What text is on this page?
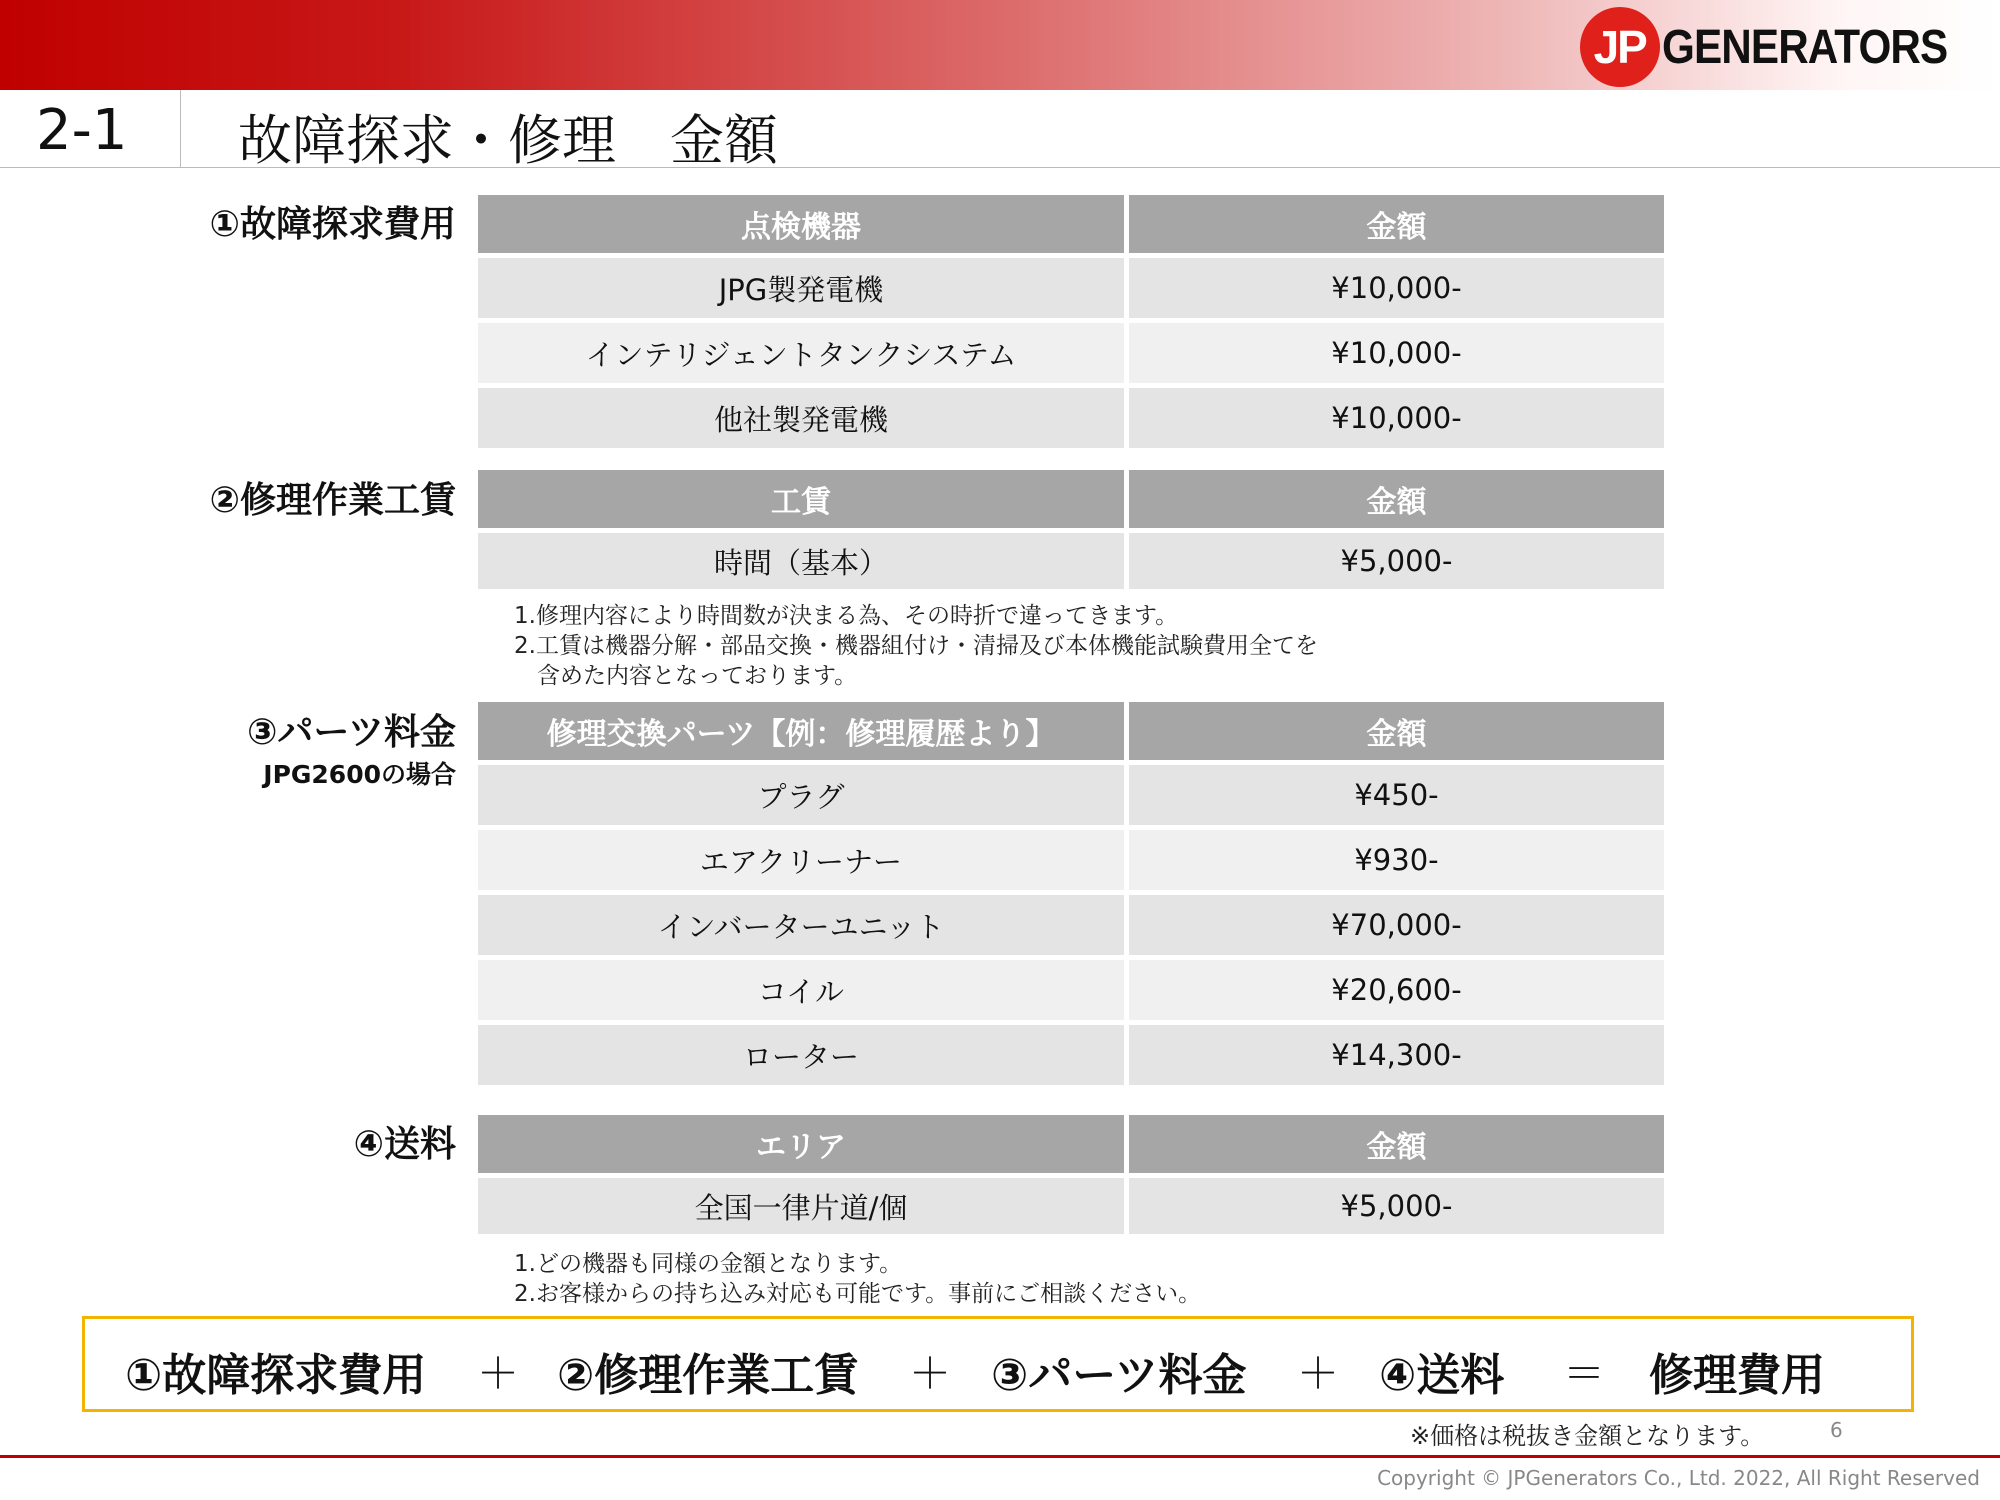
JP GENERATORS
2-1 故障探求・修理　金額
①故障探求費用	点検機器	金額
JPG製発電機	¥10,000-
インテリジェントタンクシステム	¥10,000-
他社製発電機	¥10,000-
②修理作業工賃	工賃	金額
時間（基本）	¥5,000-
1.修理内容により時間数が決まる為、その時折で違ってきます。
2.工賃は機器分解・部品交換・機器組付け・清掃及び本体機能試験費用全てを
　含めた内容となっております。
③パーツ料金
JPG2600の場合
修理交換パーツ【例：修理履歴より】	金額
プラグ	¥450-
エアクリーナー	¥930-
インバーターユニット	¥70,000-
コイル	¥20,600-
ローター	¥14,300-
④送料	エリア	金額
全国一律片道/個	¥5,000-
1.どの機器も同様の金額となります。
2.お客様からの持ち込み対応も可能です。事前にご相談ください。
①故障探求費用 ＋ ②修理作業工賃 ＋ ③パーツ料金 ＋ ④送料 ＝ 修理費用
※価格は税抜き金額となります。	6
Copyright © JPGenerators Co., Ltd. 2022, All Right Reserved
